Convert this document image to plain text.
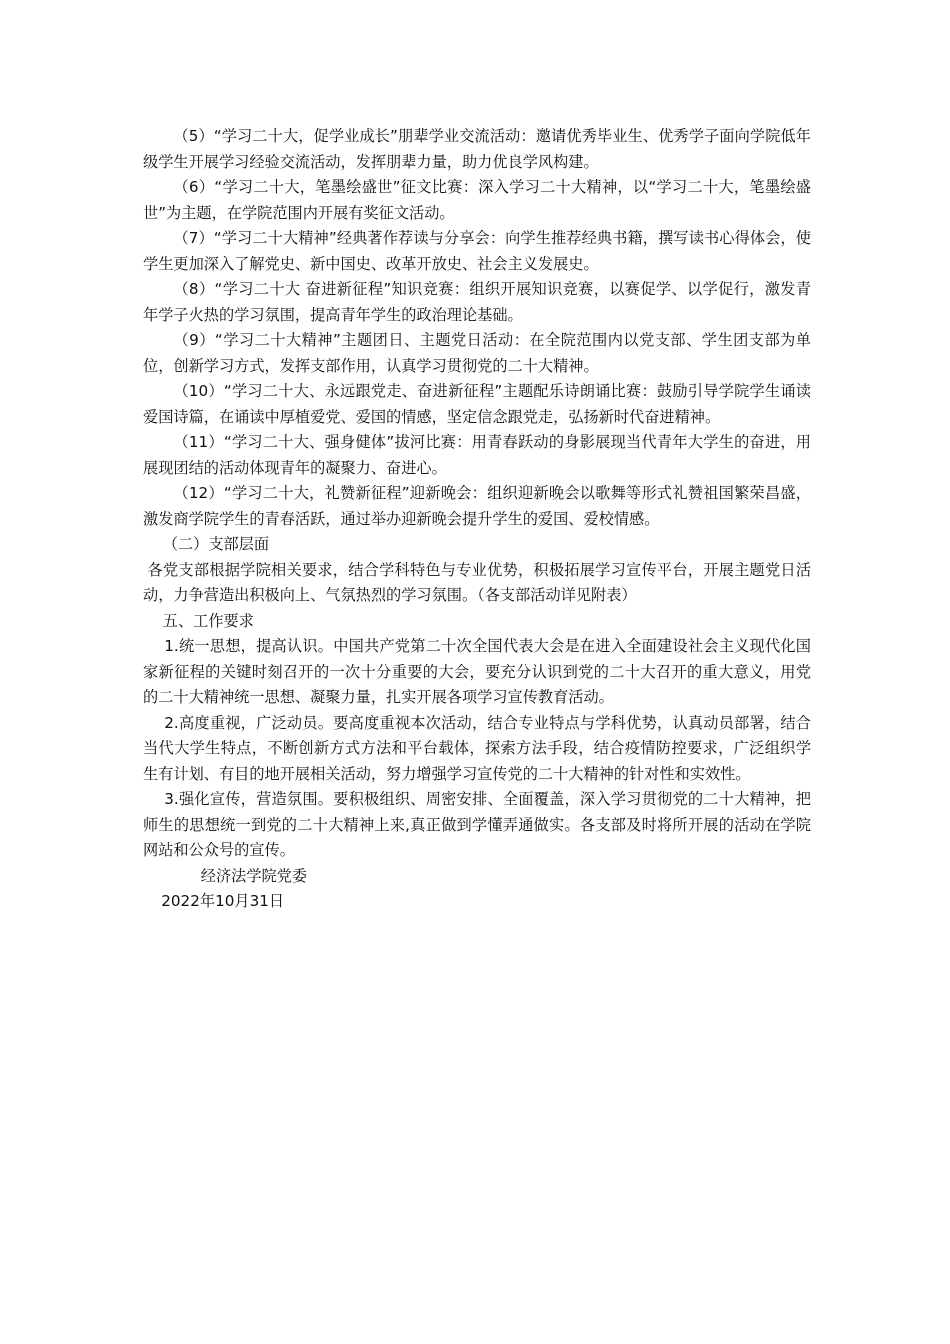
（5）“学习二十大，促学业成长”朋辈学业交流活动：邀请优秀毕业生、优秀学子面向学院低年级学生开展学习经验交流活动，发挥朋辈力量，助力优良学风构建。

（6）“学习二十大，笔墨绘盛世”征文比赛：深入学习二十大精神，以“学习二十大，笔墨绘盛世”为主题，在学院范围内开展有奖征文活动。

（7）“学习二十大精神”经典著作荐读与分享会：向学生推荐经典书籍，撰写读书心得体会，使学生更加深入了解党史、新中国史、改革开放史、社会主义发展史。

（8）“学习二十大 奋进新征程”知识竞赛：组织开展知识竞赛，以赛促学、以学促行，激发青年学子火热的学习氛围，提高青年学生的政治理论基础。

（9）“学习二十大精神”主题团日、主题党日活动：在全院范围内以党支部、学生团支部为单位，创新学习方式，发挥支部作用，认真学习贯彻党的二十大精神。

（10）“学习二十大、永远跟党走、奋进新征程”主题配乐诗朗诵比赛：鼓励引导学院学生诵读爱国诗篇，在诵读中厚植爱党、爱国的情感，坚定信念跟党走，弘扬新时代奋进精神。

（11）“学习二十大、强身健体”拔河比赛：用青春跃动的身影展现当代青年大学生的奋进，用展现团结的活动体现青年的凝聚力、奋进心。

（12）“学习二十大，礼赞新征程”迎新晚会：组织迎新晚会以歌舞等形式礼赞祖国繁荣昌盛，激发商学院学生的青春活跃，通过举办迎新晚会提升学生的爱国、爱校情感。

（二）支部层面

各党支部根据学院相关要求，结合学科特色与专业优势，积极拓展学习宣传平台，开展主题党日活动，力争营造出积极向上、气氛热烈的学习氛围。（各支部活动详见附表）

五、工作要求

1.统一思想，提高认识。中国共产党第二十次全国代表大会是在进入全面建设社会主义现代化国家新征程的关键时刻召开的一次十分重要的大会，要充分认识到党的二十大召开的重大意义，用党的二十大精神统一思想、凝聚力量，扎实开展各项学习宣传教育活动。

2.高度重视，广泛动员。要高度重视本次活动，结合专业特点与学科优势，认真动员部署，结合当代大学生特点，不断创新方式方法和平台载体，探索方法手段，结合疫情防控要求，广泛组织学生有计划、有目的地开展相关活动，努力增强学习宣传党的二十大精神的针对性和实效性。

3.强化宣传，营造氛围。要积极组织、周密安排、全面覆盖，深入学习贯彻党的二十大精神，把师生的思想统一到党的二十大精神上来,真正做到学懂弄通做实。各支部及时将所开展的活动在学院网站和公众号的宣传。

经济法学院党委

2022年10月31日
